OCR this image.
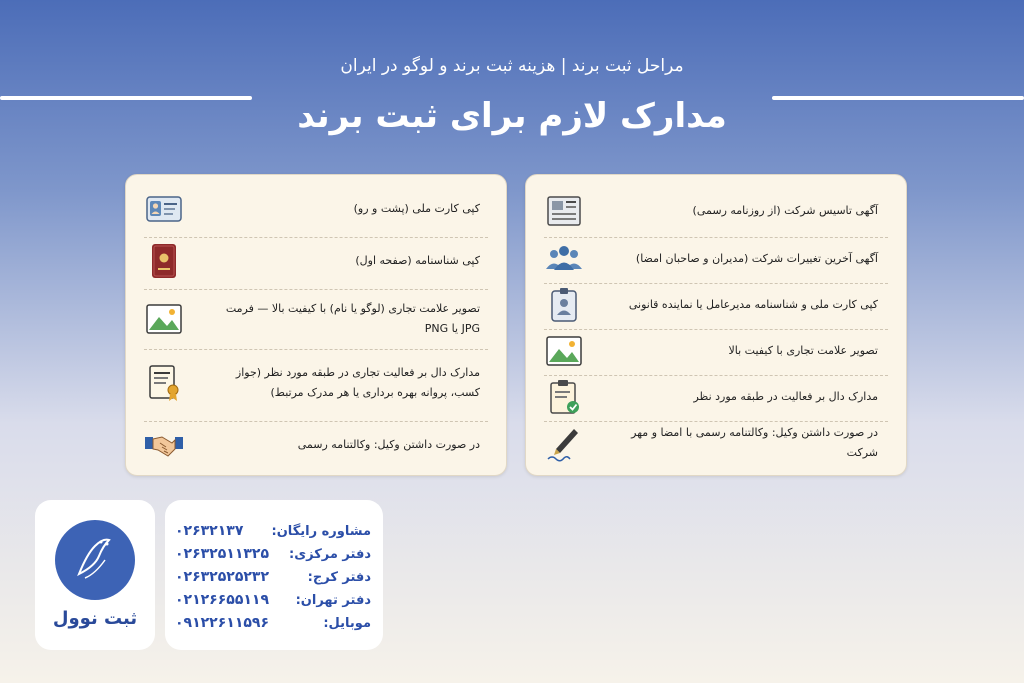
مراحل ثبت برند | هزینه ثبت برند و لوگو در ایران
مدارک لازم برای ثبت برند
کپی کارت ملی (پشت و رو)
کپی شناسنامه (صفحه اول)
تصویر علامت تجاری (لوگو یا نام) با کیفیت بالا — فرمت JPG یا PNG
مدارک دال بر فعالیت تجاری در طبقه مورد نظر (جواز کسب، پروانه بهره برداری یا هر مدرک مرتبط)
در صورت داشتن وکیل: وکالتنامه رسمی
آگهی تاسیس شرکت (از روزنامه رسمی)
آگهی آخرین تغییرات شرکت (مدیران و صاحبان امضا)
کپی کارت ملی و شناسنامه مدیرعامل یا نماینده قانونی
تصویر علامت تجاری با کیفیت بالا
مدارک دال بر فعالیت در طبقه مورد نظر
در صورت داشتن وکیل: وکالتنامه رسمی با امضا و مهر شرکت
ثبت نوول
۰۲۶۳۲۱۳۷ مشاوره رایگان:
۰۲۶۳۲۵۱۱۳۲۵ دفتر مرکزی:
۰۲۶۳۲۵۲۵۲۳۲	دفتر کرج:
۰۲۱۲۶۶۵۵۱۱۹ دفتر تهران:
۰۹۱۲۲۶۱۱۵۹۶	موبایل:
